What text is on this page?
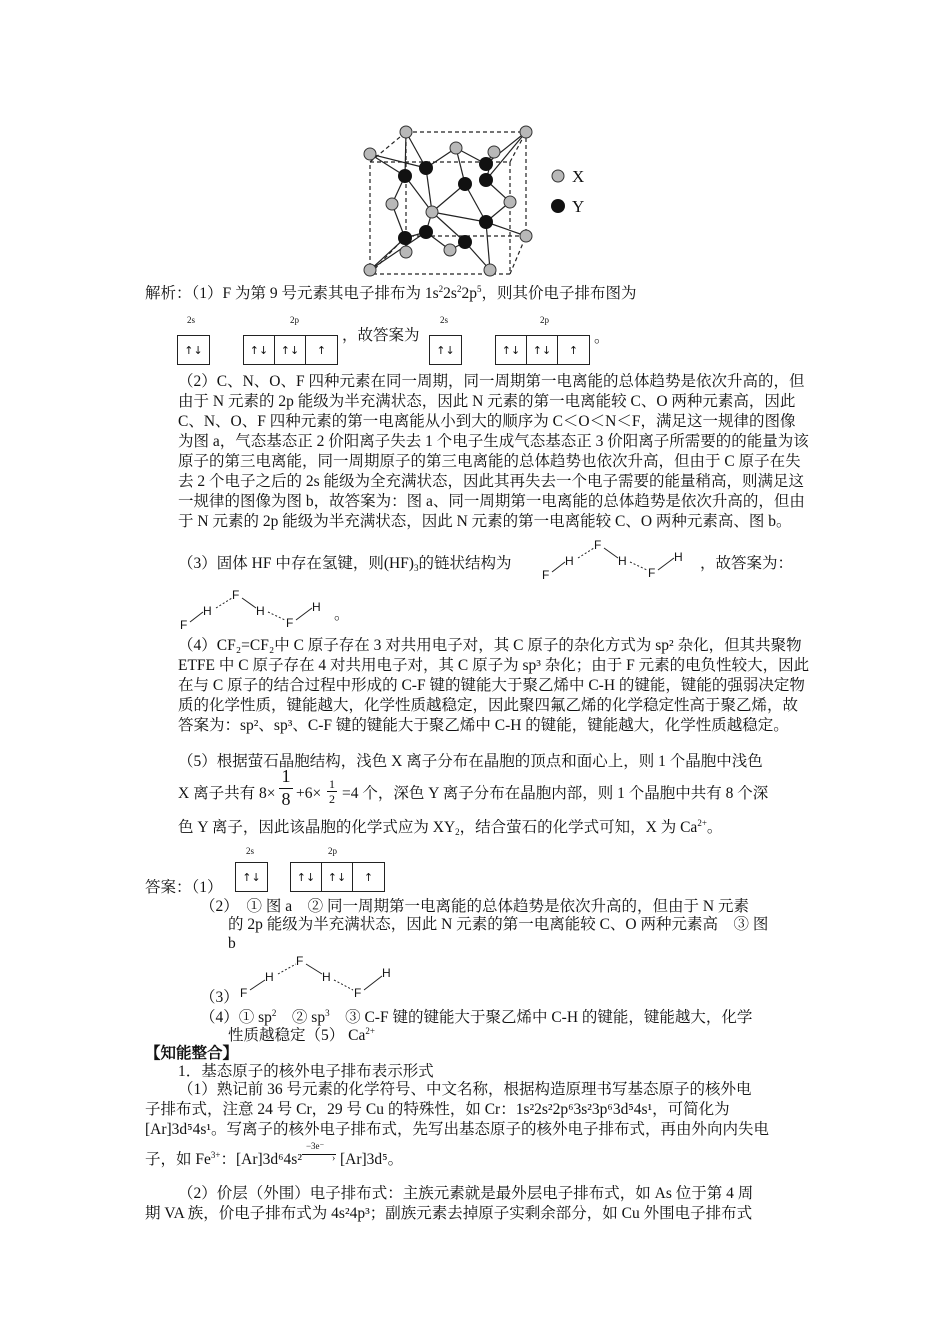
X
Y
解析：（1）F 为第 9 号元素其电子排布为 $1s^22s^22p^5$，则其价电子排布图为
2s	2p
↑↓	↑↓	↑↓	↑
，故答案为
2s	2p
↑↓	↑↓	↑↓	↑
。
（2）C、N、O、F 四种元素在同一周期，同一周期第一电离能的总体趋势是依次升高的，但由于 N 元素的 2p 能级为半充满状态，因此 N 元素的第一电离能较 C、O 两种元素高，因此 C、N、O、F 四种元素的第一电离能从小到大的顺序为 C＜O＜N＜F，满足这一规律的图像为图 a，气态基态正 2 价阳离子失去 1 个电子生成气态基态正 3 价阳离子所需要的的能量为该原子的第三电离能，同一周期原子的第三电离能的总体趋势也依次升高，但由于 C 原子在失去 2 个电子之后的 2s 能级为全充满状态，因此其再失去一个电子需要的能量稍高，则满足这一规律的图像为图 b，故答案为：图 a、同一周期第一电离能的总体趋势是依次升高的，但由于 N 元素的 2p 能级为半充满状态，因此 N 元素的第一电离能较 C、O 两种元素高、图 b。
（3）固体 HF 中存在氢键，则$(HF)_3$的链状结构为
F
H
F
H
F
H ，故答案为：
F
H
F
H
F
H 。
（4）CF₂=CF₂中 C 原子存在 3 对共用电子对，其 C 原子的杂化方式为 sp² 杂化，但其共聚物 ETFE 中 C 原子存在 4 对共用电子对，其 C 原子为 sp³ 杂化；由于 F 元素的电负性较大，因此在与 C 原子的结合过程中形成的 C-F 键的键能大于聚乙烯中 C-H 的键能，键能的强弱决定物质的化学性质，键能越大，化学性质越稳定，因此聚四氟乙烯的化学稳定性高于聚乙烯，故答案为：sp²、sp³、C-F 键的键能大于聚乙烯中 C-H 的键能，键能越大，化学性质越稳定。
（5）根据萤石晶胞结构，浅色 X 离子分布在晶胞的顶点和面心上，则 1 个晶胞中浅色
X 离子共有 8×
1
8 +6×
1
2 =4 个，深色 Y 离子分布在晶胞内部，则 1 个晶胞中共有 8 个深
色 Y 离子，因此该晶胞的化学式应为 $XY_2$，结合萤石的化学式可知，X 为 $Ca^{2+}$。
2s	2p
答案：（1）
↑↓	↑↓	↑↓	↑
（2）　① 图 a　② 同一周期第一电离能的总体趋势是依次升高的，但由于 N 元素
的 2p 能级为半充满状态，因此 N 元素的第一电离能较 C、O 两种元素高　③ 图
b
F
H
F
H
F
H
（3）
（4）① $sp^2$　② $sp^3$　③ C-F 键的键能大于聚乙烯中 C-H 的键能，键能越大，化学
性质越稳定（5） $Ca^{2+}$
【知能整合】
1．基态原子的核外电子排布表示形式
（1）熟记前 36 号元素的化学符号、中文名称，根据构造原理书写基态原子的核外电
子排布式，注意 24 号 Cr，29 号 Cu 的特殊性，如 Cr：1s²2s²2p⁶3s²3p⁶3d⁵4s¹，可简化为
[Ar]3d⁵4s¹。写离子的核外电子排布式，先写出基态原子的核外电子排布式，再由外向内失电
子，如 $Fe^{3+}$：[Ar]3d⁶4s²
−3e⁻
› [Ar]3d⁵。
（2）价层（外围）电子排布式：主族元素就是最外层电子排布式，如 As 位于第 4 周
期 VA 族，价电子排布式为 4s²4p³；副族元素去掉原子实剩余部分，如 Cu 外围电子排布式
